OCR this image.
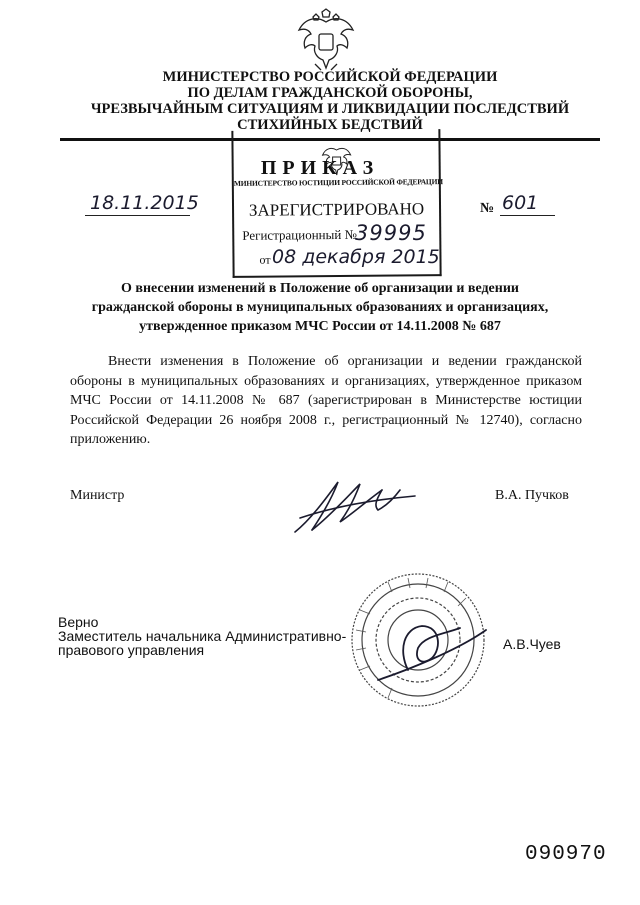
МИНИСТЕРСТВО РОССИЙСКОЙ ФЕДЕРАЦИИ
ПО ДЕЛАМ ГРАЖДАНСКОЙ ОБОРОНЫ,
ЧРЕЗВЫЧАЙНЫМ СИТУАЦИЯМ И ЛИКВИДАЦИИ ПОСЛЕДСТВИЙ
СТИХИЙНЫХ БЕДСТВИЙ
МИНИСТЕРСТВО ЮСТИЦИИ РОССИЙСКОЙ ФЕДЕРАЦИИ
ЗАРЕГИСТРИРОВАНО
Регистрационный №
от
ПРИКАЗ
39995
08 декабря 2015
18.11.2015	№ 601
О внесении изменений в Положение об организации и ведении
гражданской обороны в муниципальных образованиях и организациях,
утвержденное приказом МЧС России от 14.11.2008 № 687
Внести изменения в Положение об организации и ведении гражданской обороны в муниципальных образованиях и организациях, утвержденное приказом МЧС России от 14.11.2008 № 687 (зарегистрирован в Министерстве юстиции Российской Федерации 26 ноября 2008 г., регистрационный № 12740), согласно приложению.
Министр	В.А. Пучков
Верно
Заместитель начальника Административно-
правового управления	А.В.Чуев
090970
